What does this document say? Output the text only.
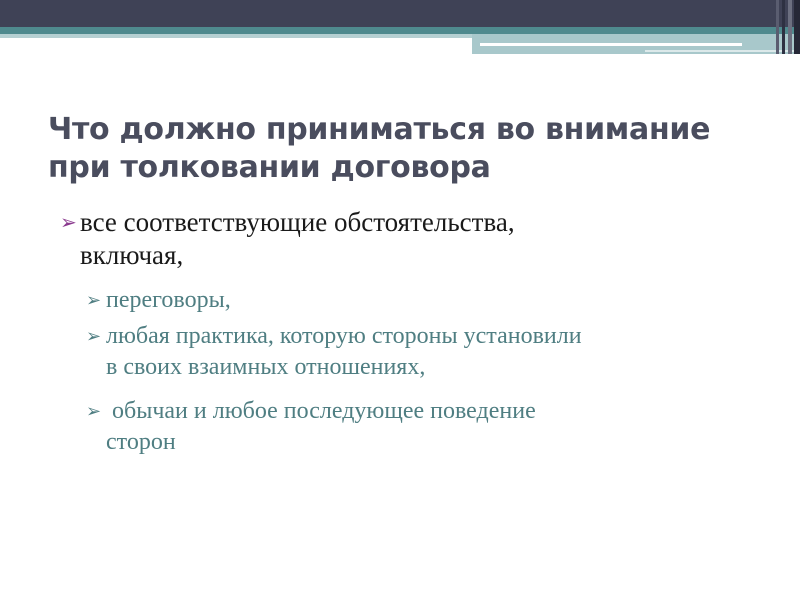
Что должно приниматься во внимание
при толковании договора
➢ все соответствующие обстоятельства,
включая,
➢ переговоры,
➢ любая практика, которую стороны установили
в своих взаимных отношениях,
➢ обычаи и любое последующее поведение
сторон
